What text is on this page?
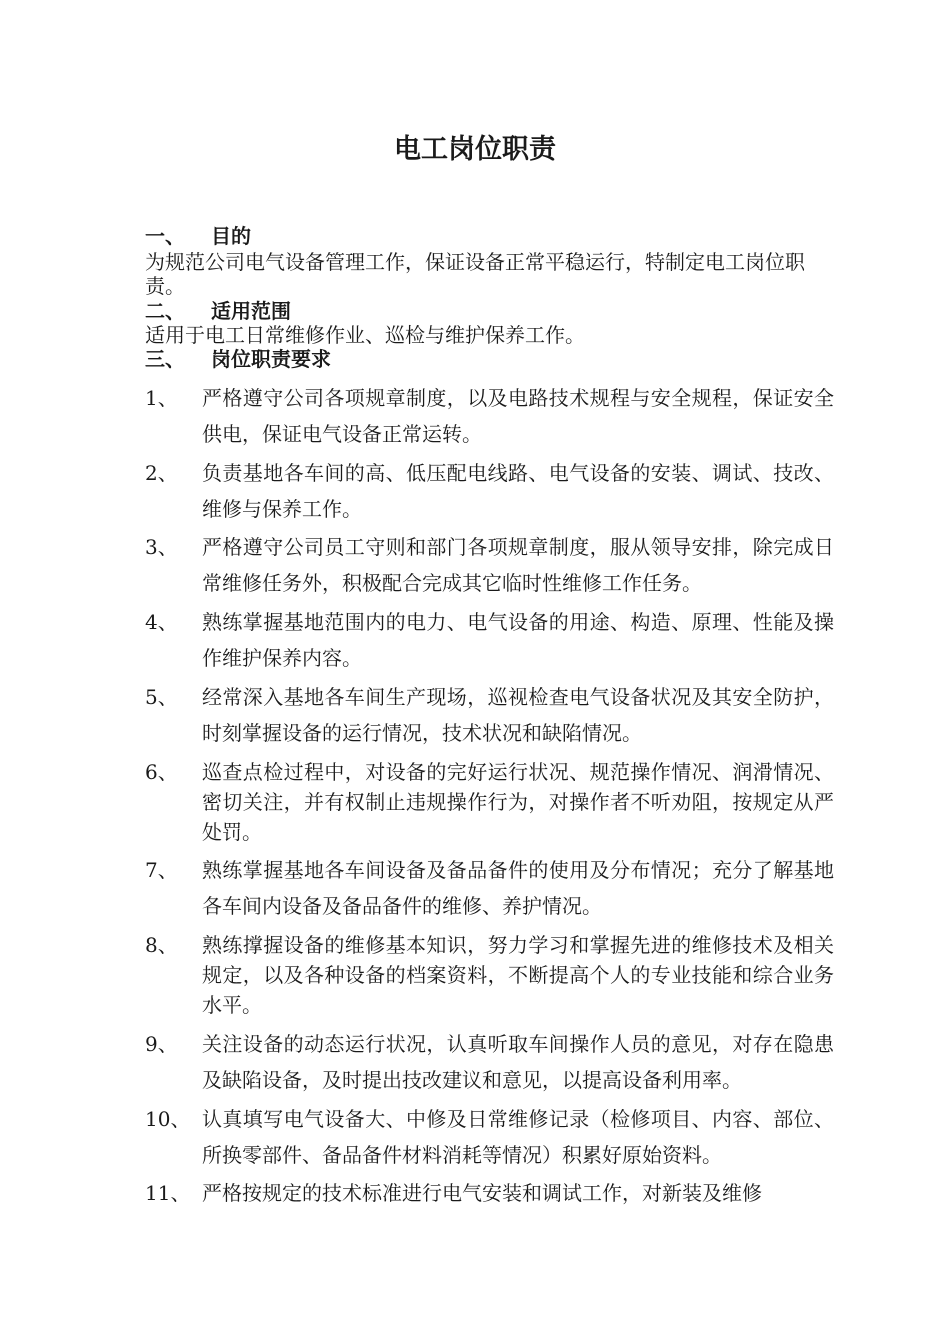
电工岗位职责
一、 目的
为规范公司电气设备管理工作，保证设备正常平稳运行，特制定电工岗位职责。
二、 适用范围
适用于电工日常维修作业、巡检与维护保养工作。
三、 岗位职责要求
1、	严格遵守公司各项规章制度，以及电路技术规程与安全规程，保证安全供电，保证电气设备正常运转。
2、	负责基地各车间的高、低压配电线路、电气设备的安装、调试、技改、维修与保养工作。
3、	严格遵守公司员工守则和部门各项规章制度，服从领导安排，除完成日常维修任务外，积极配合完成其它临时性维修工作任务。
4、	熟练掌握基地范围内的电力、电气设备的用途、构造、原理、性能及操作维护保养内容。
5、	经常深入基地各车间生产现场，巡视检查电气设备状况及其安全防护，时刻掌握设备的运行情况，技术状况和缺陷情况。
6、	巡查点检过程中，对设备的完好运行状况、规范操作情况、润滑情况、密切关注，并有权制止违规操作行为，对操作者不听劝阻，按规定从严处罚。
7、	熟练掌握基地各车间设备及备品备件的使用及分布情况；充分了解基地各车间内设备及备品备件的维修、养护情况。
8、	熟练撑握设备的维修基本知识，努力学习和掌握先进的维修技术及相关规定，以及各种设备的档案资料，不断提高个人的专业技能和综合业务水平。
9、	关注设备的动态运行状况，认真听取车间操作人员的意见，对存在隐患及缺陷设备，及时提出技改建议和意见，以提高设备利用率。
10、 认真填写电气设备大、中修及日常维修记录（检修项目、内容、部位、所换零部件、备品备件材料消耗等情况）积累好原始资料。
11、 严格按规定的技术标准进行电气安装和调试工作，对新装及维修
